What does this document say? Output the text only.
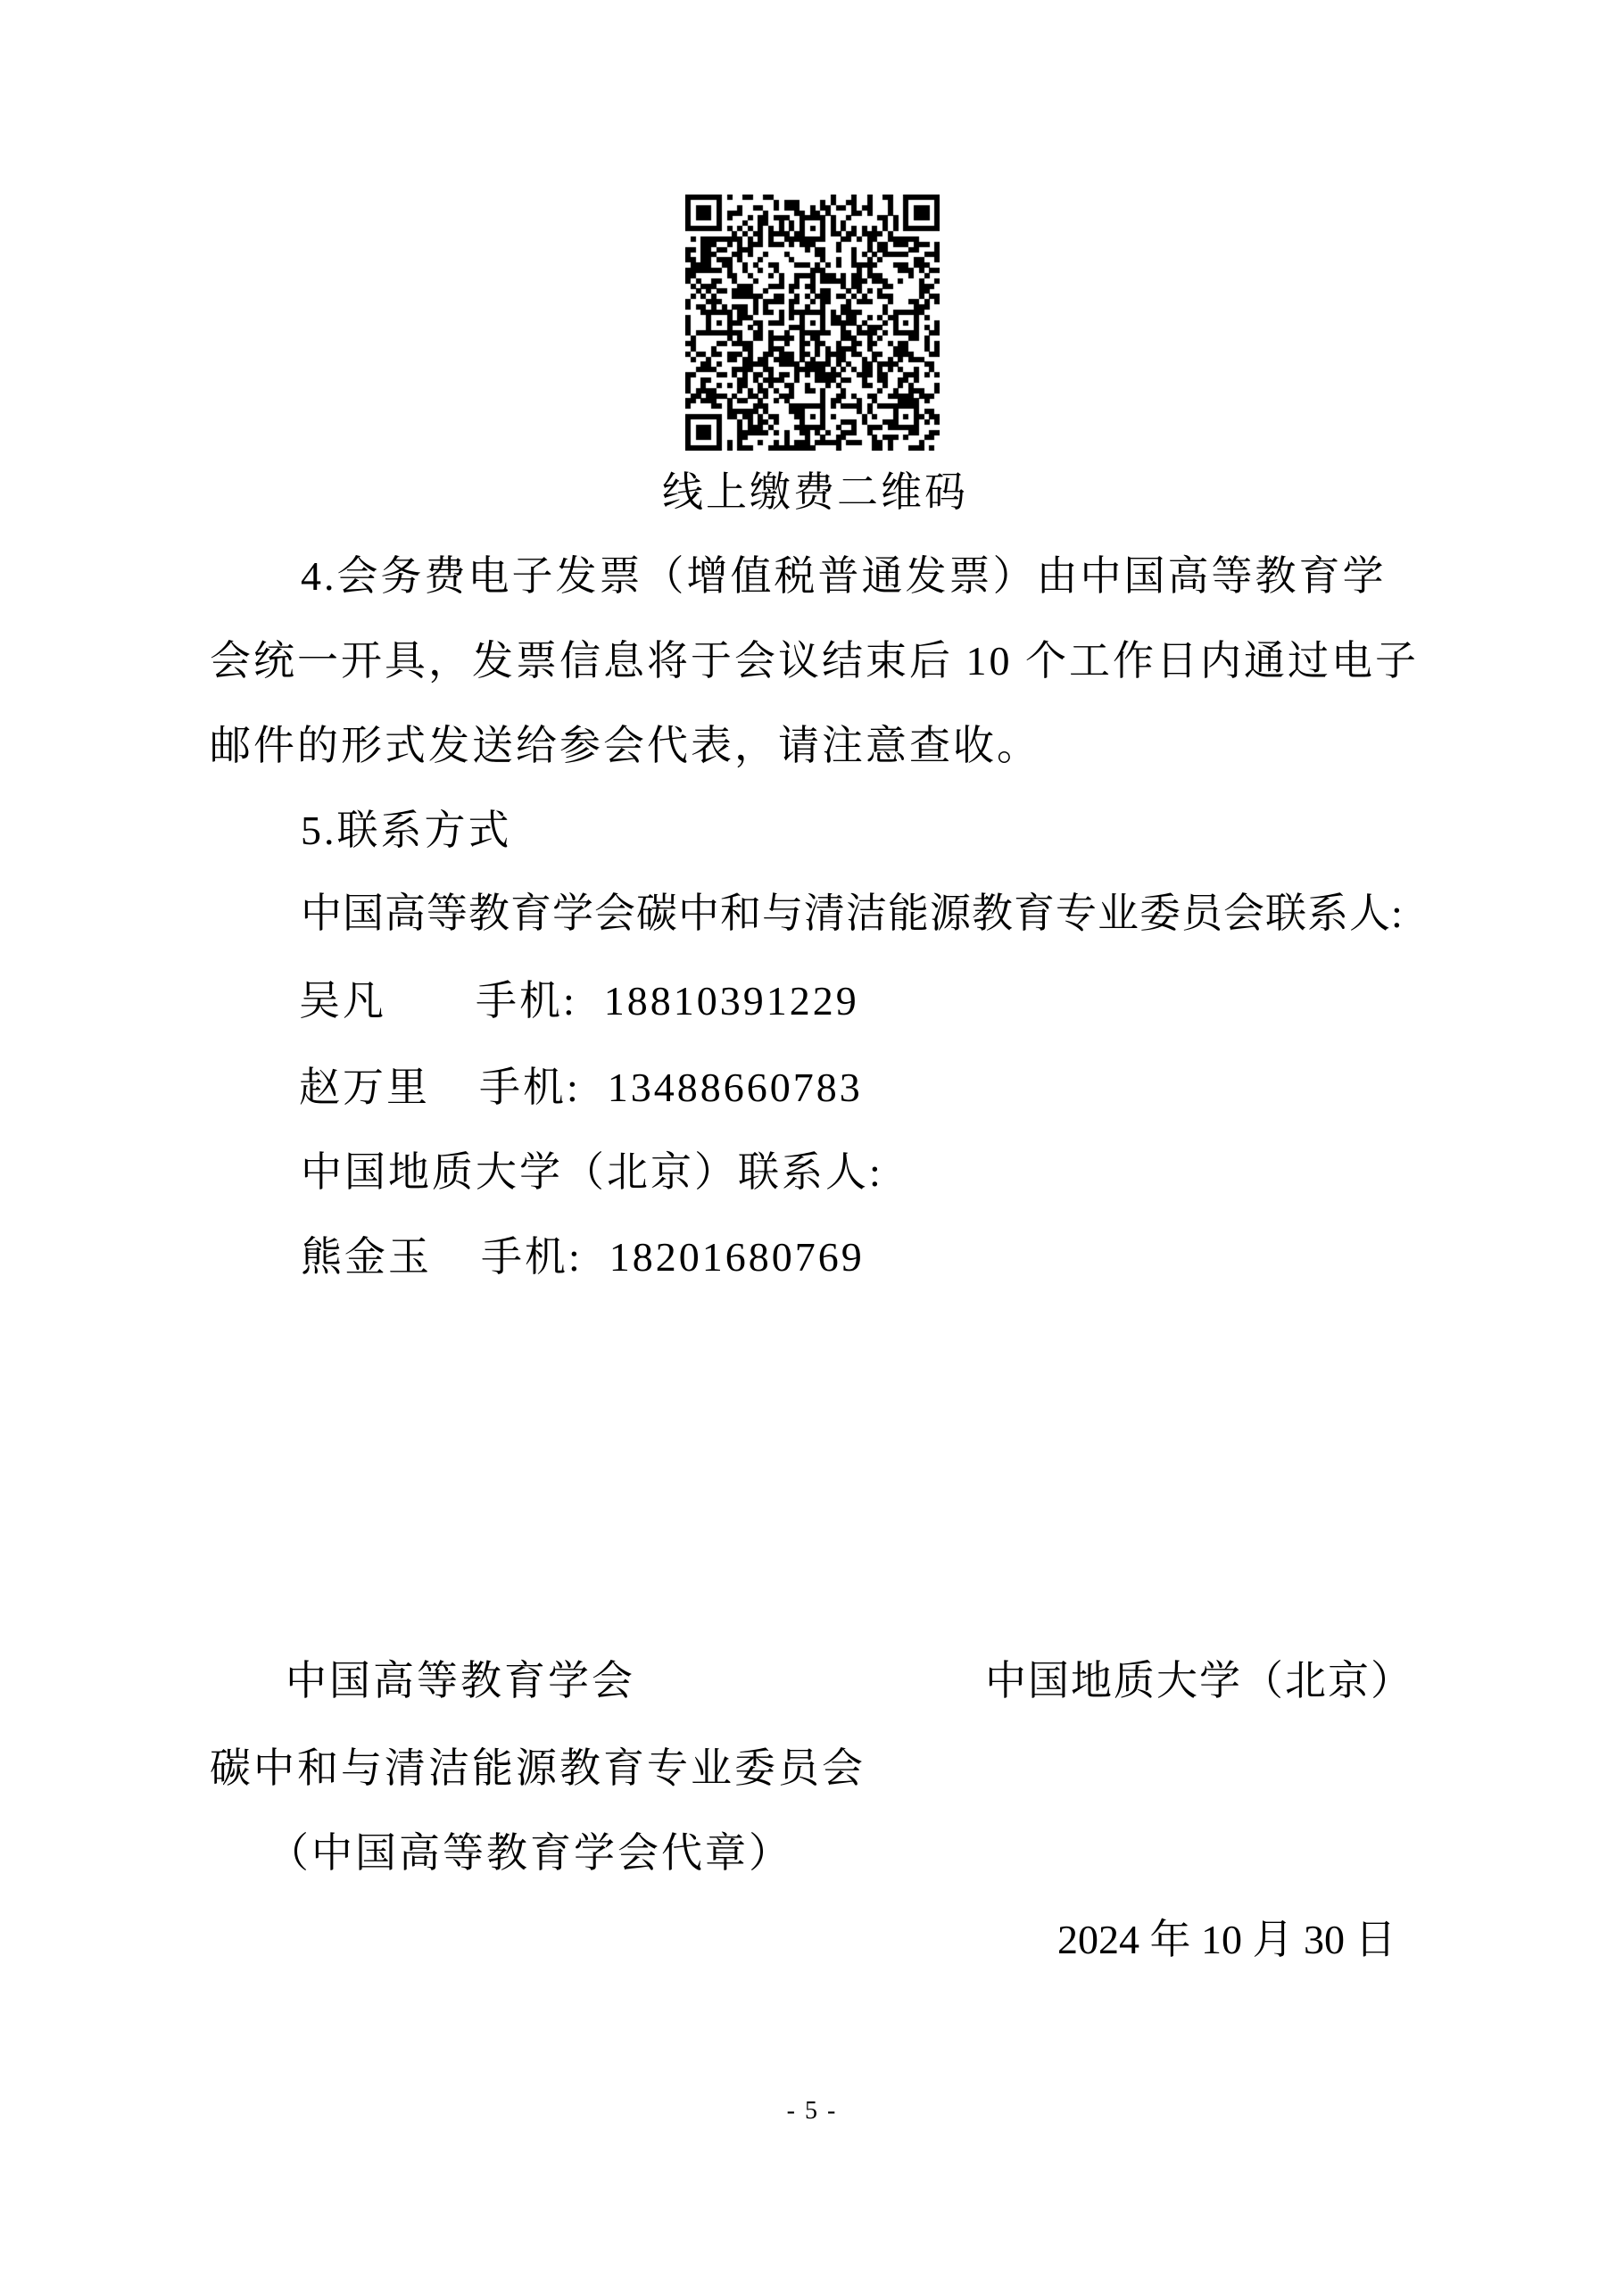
线上缴费二维码
4.会务费电子发票（增值税普通发票）由中国高等教育学
会统一开具，发票信息将于会议结束后 10 个工作日内通过电子
邮件的形式发送给参会代表，请注意查收。
5.联系方式
中国高等教育学会碳中和与清洁能源教育专业委员会联系人:
吴凡 手机: 18810391229
赵万里 手机: 13488660783
中国地质大学（北京）联系人:
熊金玉 手机: 18201680769
中国高等教育学会	中国地质大学（北京）
碳中和与清洁能源教育专业委员会
（中国高等教育学会代章）
2024 年 10 月 30 日
- 5 -
